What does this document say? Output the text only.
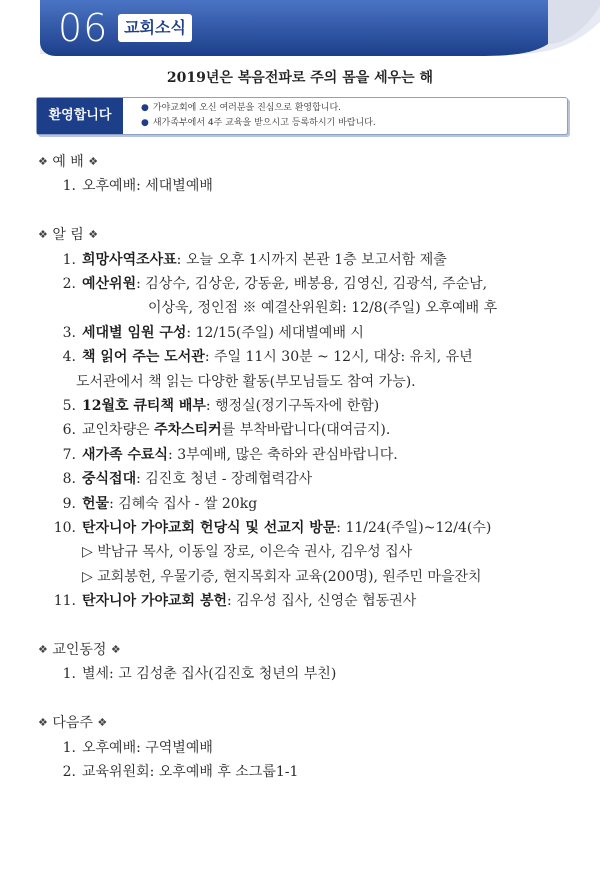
06 교회소식
2019년은 복음전파로 주의 몸을 세우는 해
환영합니다	● 가야교회에 오신 여러분을 진심으로 환영합니다.
● 새가족부에서 4주 교육을 받으시고 등록하시기 바랍니다.
❖ 예 배 ❖
1. 오후예배: 세대별예배
❖ 알 림 ❖
1. 희망사역조사표: 오늘 오후 1시까지 본관 1층 보고서함 제출
2. 예산위원: 김상수, 김상운, 강동윤, 배봉용, 김영신, 김광석, 주순남,
이상욱, 정인점 ※ 예결산위원회: 12/8(주일) 오후예배 후
3. 세대별 임원 구성: 12/15(주일) 세대별예배 시
4. 책 읽어 주는 도서관: 주일 11시 30분 ~ 12시, 대상: 유치, 유년
도서관에서 책 읽는 다양한 활동(부모님들도 참여 가능).
5. 12월호 큐티책 배부: 행정실(정기구독자에 한함)
6. 교인차량은 주차스티커를 부착바랍니다(대여금지).
7. 새가족 수료식: 3부예배, 많은 축하와 관심바랍니다.
8. 중식접대: 김진호 청년 - 장례협력감사
9. 헌물: 김혜숙 집사 - 쌀 20kg
10. 탄자니아 가야교회 헌당식 및 선교지 방문: 11/24(주일)~12/4(수)
▷ 박남규 목사, 이동일 장로, 이은숙 권사, 김우성 집사
▷ 교회봉헌, 우물기증, 현지목회자 교육(200명), 원주민 마을잔치
11. 탄자니아 가야교회 봉헌: 김우성 집사, 신영순 협동권사
❖ 교인동정 ❖
1. 별세: 고 김성춘 집사(김진호 청년의 부친)
❖ 다음주 ❖
1. 오후예배: 구역별예배
2. 교육위원회: 오후예배 후 소그룹1-1
